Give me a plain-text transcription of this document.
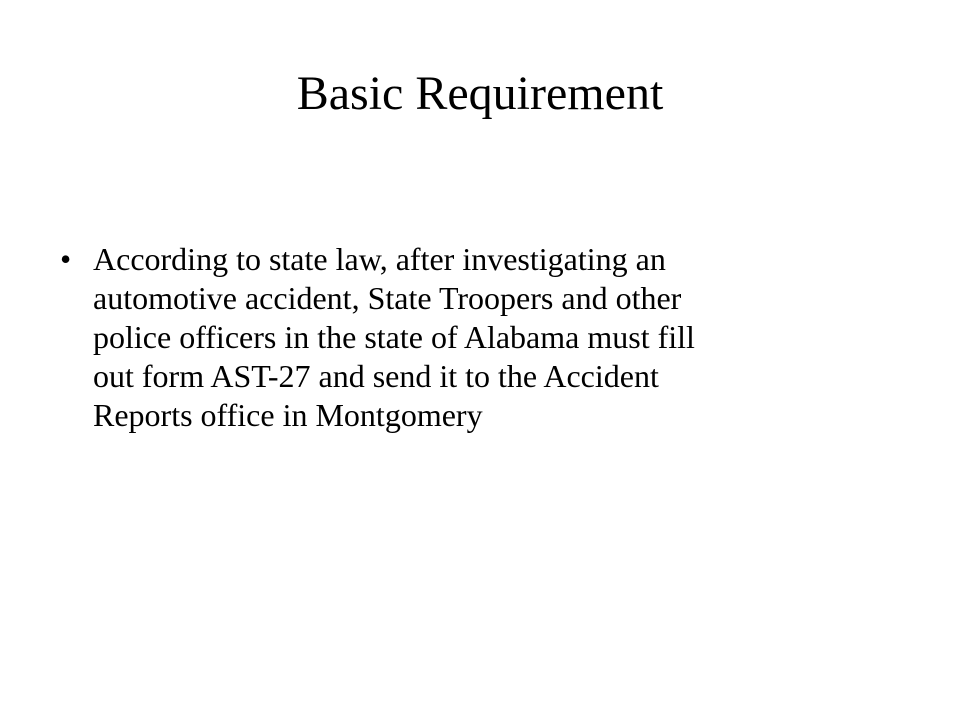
Basic Requirement
• According to state law, after investigating an
automotive accident, State Troopers and other
police officers in the state of Alabama must fill
out form AST-27 and send it to the Accident
Reports office in Montgomery
